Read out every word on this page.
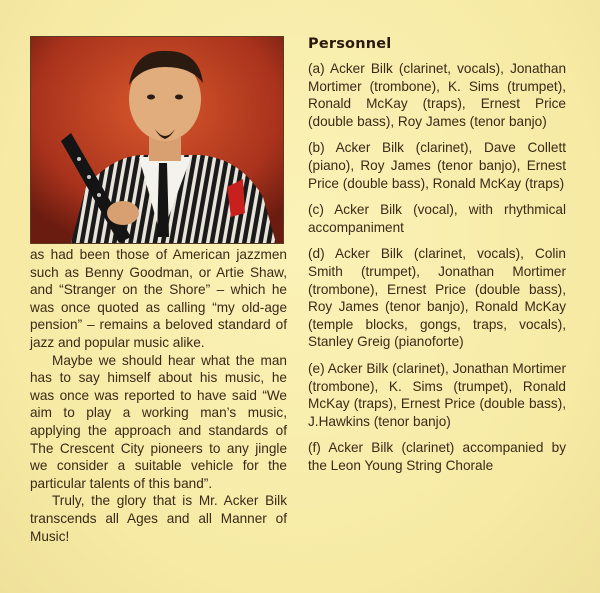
as had been those of American jazzmen such as Benny Goodman, or Artie Shaw, and “Stranger on the Shore” – which he was once quoted as calling “my old-age pension” – remains a beloved standard of jazz and popular music alike.

Maybe we should hear what the man has to say himself about his music, he was once was reported to have said “We aim to play a working man’s music, applying the approach and standards of The Crescent City pioneers to any jingle we consider a suitable vehicle for the particular talents of this band”.

Truly, the glory that is Mr. Acker Bilk transcends all Ages and all Manner of Music!

Personnel

(a) Acker Bilk (clarinet, vocals), Jonathan Mortimer (trombone), K. Sims (trumpet), Ronald McKay (traps), Ernest Price (double bass), Roy James (tenor banjo)

(b) Acker Bilk (clarinet), Dave Collett (piano), Roy James (tenor banjo), Ernest Price (double bass), Ronald McKay (traps)

(c) Acker Bilk (vocal), with rhythmical accompaniment

(d) Acker Bilk (clarinet, vocals), Colin Smith (trumpet), Jonathan Mortimer (trombone), Ernest Price (double bass), Roy James (tenor banjo), Ronald McKay (temple blocks, gongs, traps, vocals), Stanley Greig (pianoforte)

(e) Acker Bilk (clarinet), Jonathan Mortimer (trombone), K. Sims (trumpet), Ronald McKay (traps), Ernest Price (double bass), J.Hawkins (tenor banjo)

(f) Acker Bilk (clarinet) accompanied by the Leon Young String Chorale
